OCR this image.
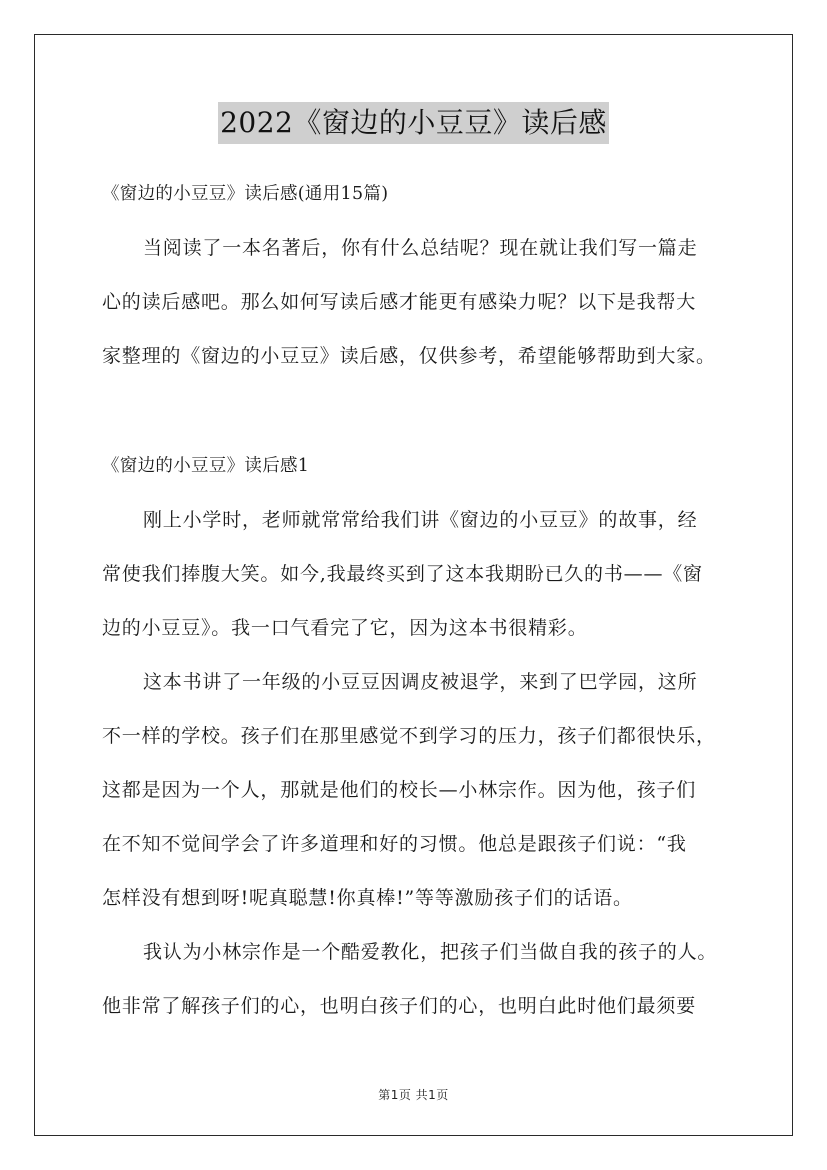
2022《窗边的小豆豆》读后感
《窗边的小豆豆》读后感(通用15篇)
当阅读了一本名著后，你有什么总结呢？现在就让我们写一篇走
心的读后感吧。那么如何写读后感才能更有感染力呢？以下是我帮大
家整理的《窗边的小豆豆》读后感，仅供参考，希望能够帮助到大家。
《窗边的小豆豆》读后感1
刚上小学时，老师就常常给我们讲《窗边的小豆豆》的故事，经
常使我们捧腹大笑。如今,我最终买到了这本我期盼已久的书——《窗
边的小豆豆》。我一口气看完了它，因为这本书很精彩。
这本书讲了一年级的小豆豆因调皮被退学，来到了巴学园，这所
不一样的学校。孩子们在那里感觉不到学习的压力，孩子们都很快乐，
这都是因为一个人，那就是他们的校长—小林宗作。因为他，孩子们
在不知不觉间学会了许多道理和好的习惯。他总是跟孩子们说：“我
怎样没有想到呀!呢真聪慧!你真棒!”等等激励孩子们的话语。
我认为小林宗作是一个酷爱教化，把孩子们当做自我的孩子的人。
他非常了解孩子们的心，也明白孩子们的心，也明白此时他们最须要
第1页 共1页
